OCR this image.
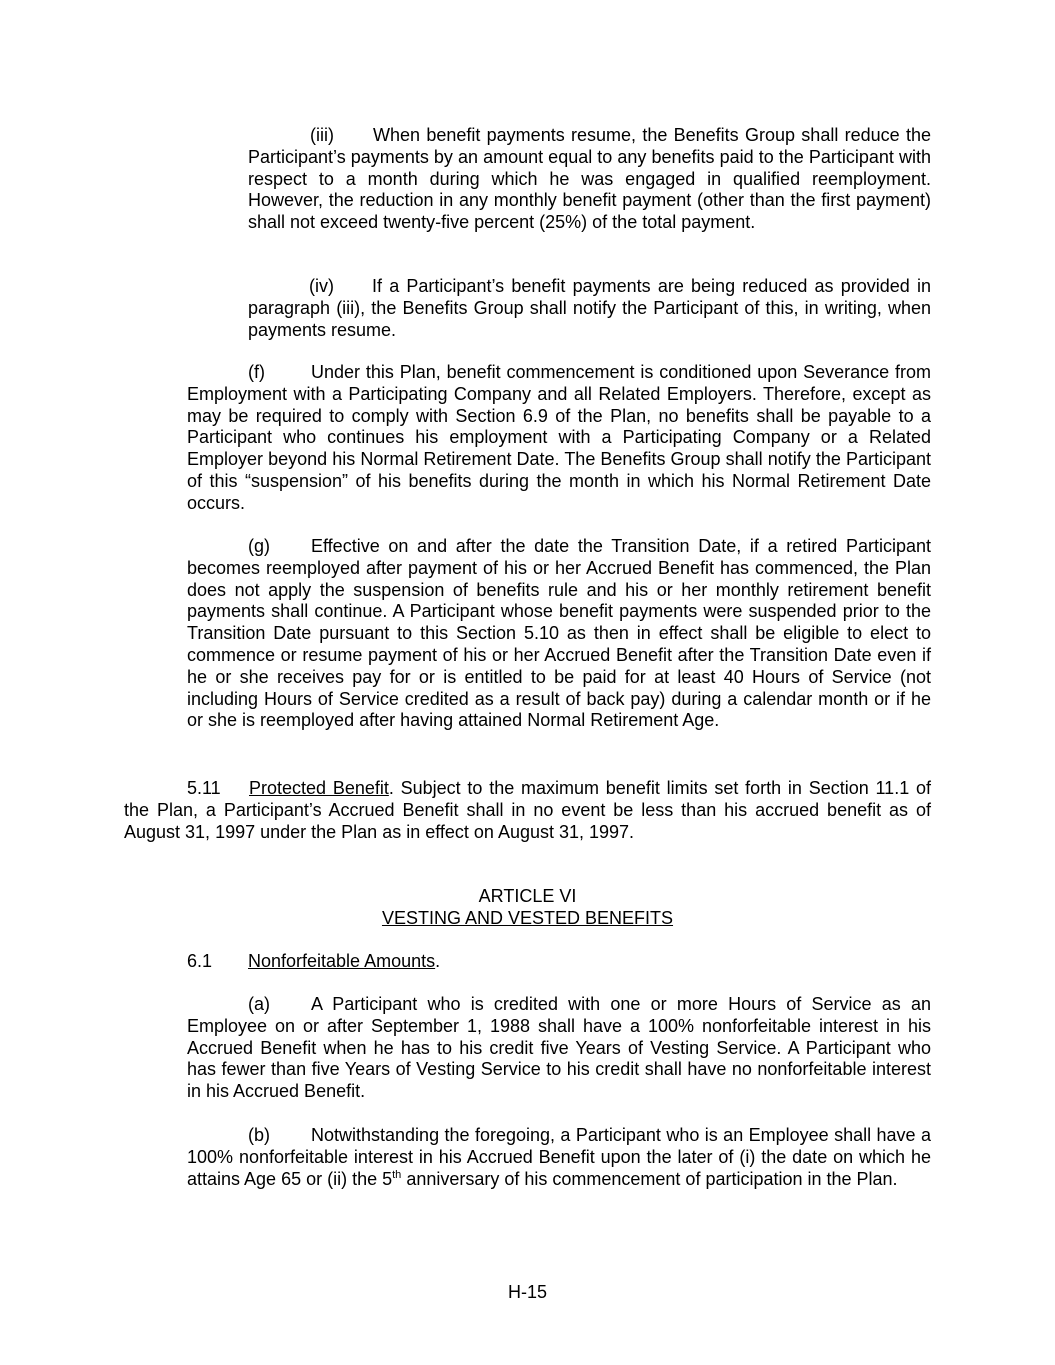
(iii) When benefit payments resume, the Benefits Group shall reduce the Participant’s payments by an amount equal to any benefits paid to the Participant with respect to a month during which he was engaged in qualified reemployment. However, the reduction in any monthly benefit payment (other than the first payment) shall not exceed twenty-five percent (25%) of the total payment.

(iv) If a Participant’s benefit payments are being reduced as provided in paragraph (iii), the Benefits Group shall notify the Participant of this, in writing, when payments resume.

(f)	Under this Plan, benefit commencement is conditioned upon Severance from Employment with a Participating Company and all Related Employers. Therefore, except as may be required to comply with Section 6.9 of the Plan, no benefits shall be payable to a Participant who continues his employment with a Participating Company or a Related Employer beyond his Normal Retirement Date. The Benefits Group shall notify the Participant of this “suspension” of his benefits during the month in which his Normal Retirement Date occurs.

(g) Effective on and after the date the Transition Date, if a retired Participant becomes reemployed after payment of his or her Accrued Benefit has commenced, the Plan does not apply the suspension of benefits rule and his or her monthly retirement benefit payments shall continue. A Participant whose benefit payments were suspended prior to the Transition Date pursuant to this Section 5.10 as then in effect shall be eligible to elect to commence or resume payment of his or her Accrued Benefit after the Transition Date even if he or she receives pay for or is entitled to be paid for at least 40 Hours of Service (not including Hours of Service credited as a result of back pay) during a calendar month or if he or she is reemployed after having attained Normal Retirement Age.

5.11 Protected Benefit. Subject to the maximum benefit limits set forth in Section 11.1 of the Plan, a Participant’s Accrued Benefit shall in no event be less than his accrued benefit as of August 31, 1997 under the Plan as in effect on August 31, 1997.

ARTICLE VI

VESTING AND VESTED BENEFITS

6.1 Nonforfeitable Amounts.

(a) A Participant who is credited with one or more Hours of Service as an Employee on or after September 1, 1988 shall have a 100% nonforfeitable interest in his Accrued Benefit when he has to his credit five Years of Vesting Service. A Participant who has fewer than five Years of Vesting Service to his credit shall have no nonforfeitable interest in his Accrued Benefit.

(b) Notwithstanding the foregoing, a Participant who is an Employee shall have a 100% nonforfeitable interest in his Accrued Benefit upon the later of (i) the date on which he attains Age 65 or (ii) the 5th anniversary of his commencement of participation in the Plan.

H-15
